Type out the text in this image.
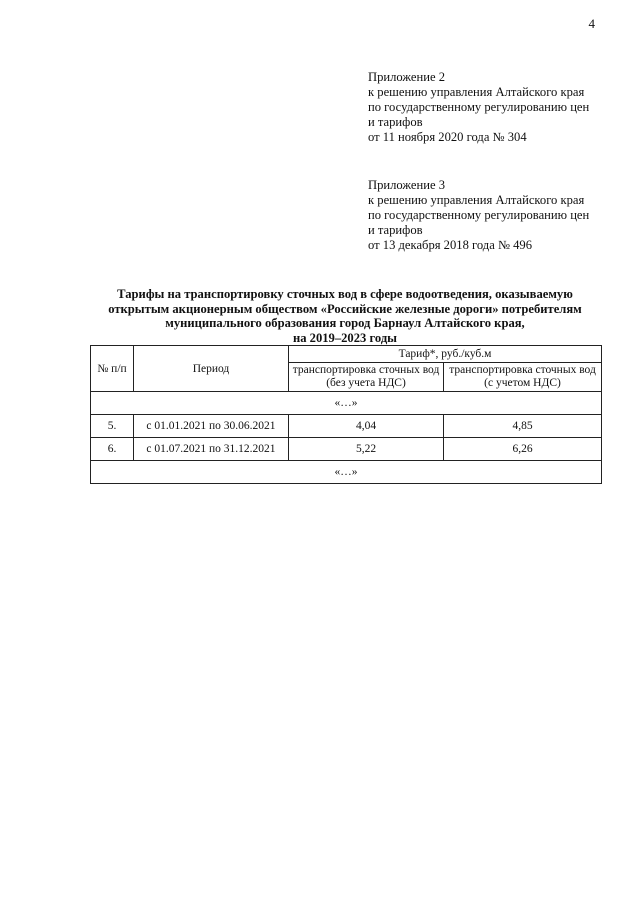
4
Приложение 2
к решению управления Алтайского края
по государственному регулированию цен
и тарифов
от 11 ноября 2020 года № 304
Приложение 3
к решению управления Алтайского края
по государственному регулированию цен
и тарифов
от 13 декабря 2018 года № 496
Тарифы на транспортировку сточных вод в сфере водоотведения, оказываемую
открытым акционерным обществом «Российские железные дороги» потребителям
муниципального образования город Барнаул Алтайского края,
на 2019–2023 годы
№ п/п	Период	Тариф*, руб./куб.м	
		транспортировка сточных вод (без учета НДС)	транспортировка сточных вод (с учетом НДС)
«…»			
5.	с 01.01.2021 по 30.06.2021	4,04	4,85
6.	с 01.07.2021 по 31.12.2021	5,22	6,26
«…»			
